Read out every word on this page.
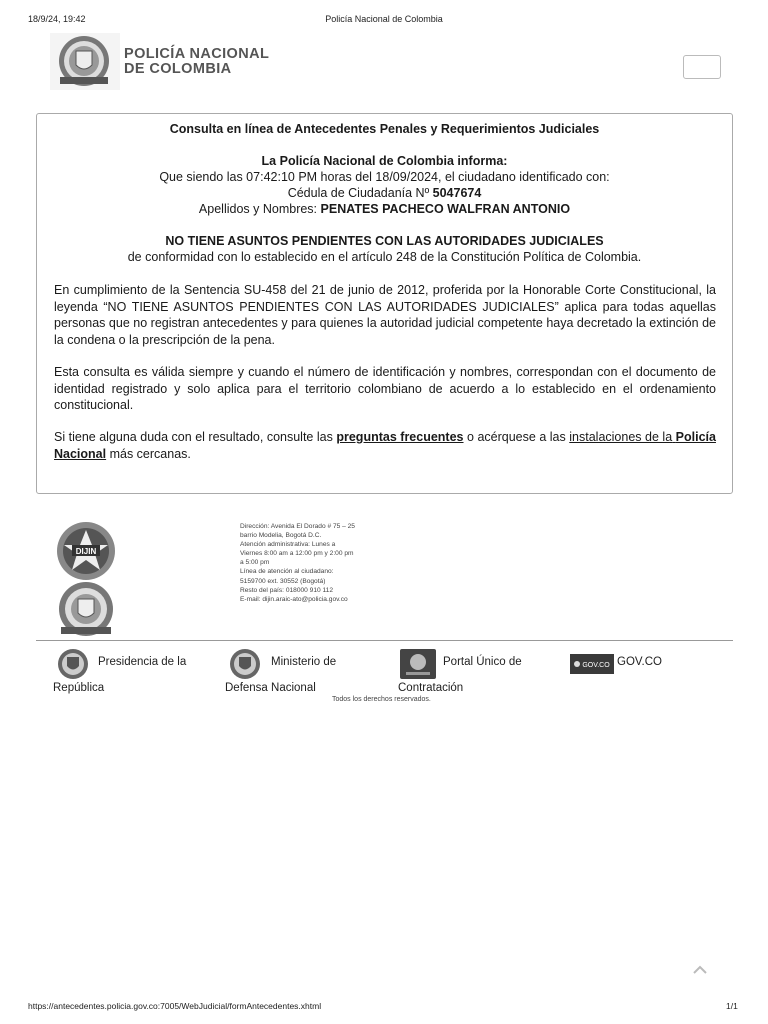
18/9/24, 19:42	Policía Nacional de Colombia
POLICÍA NACIONAL
DE COLOMBIA
Consulta en línea de Antecedentes Penales y Requerimientos Judiciales
La Policía Nacional de Colombia informa:
Que siendo las 07:42:10 PM horas del 18/09/2024, el ciudadano identificado con:
Cédula de Ciudadanía Nº 5047674
Apellidos y Nombres: PENATES PACHECO WALFRAN ANTONIO
NO TIENE ASUNTOS PENDIENTES CON LAS AUTORIDADES JUDICIALES
de conformidad con lo establecido en el artículo 248 de la Constitución Política de Colombia.

En cumplimiento de la Sentencia SU-458 del 21 de junio de 2012, proferida por la Honorable Corte Constitucional, la leyenda “NO TIENE ASUNTOS PENDIENTES CON LAS AUTORIDADES JUDICIALES” aplica para todas aquellas personas que no registran antecedentes y para quienes la autoridad judicial competente haya decretado la extinción de la condena o la prescripción de la pena.

Esta consulta es válida siempre y cuando el número de identificación y nombres, correspondan con el documento de identidad registrado y solo aplica para el territorio colombiano de acuerdo a lo establecido en el ordenamiento constitucional.

Si tiene alguna duda con el resultado, consulte las preguntas frecuentes o acérquese a las instalaciones de la Policía Nacional más cercanas.

DIJIN
Dirección: Avenida El Dorado # 75 – 25
barrio Modelia, Bogotá D.C.
Atención administrativa: Lunes a
Viernes 8:00 am a 12:00 pm y 2:00 pm
a 5:00 pm
Línea de atención al ciudadano:
5159700 ext. 30552 (Bogotá)
Resto del país: 018000 910 112
E-mail: dijin.araic-ato@policia.gov.co
Presidencia de la
República
Ministerio de
Defensa Nacional
Portal Único de
Contratación
GOV.CO GOV.CO
Todos los derechos reservados.
https://antecedentes.policia.gov.co:7005/WebJudicial/formAntecedentes.xhtml	1/1
